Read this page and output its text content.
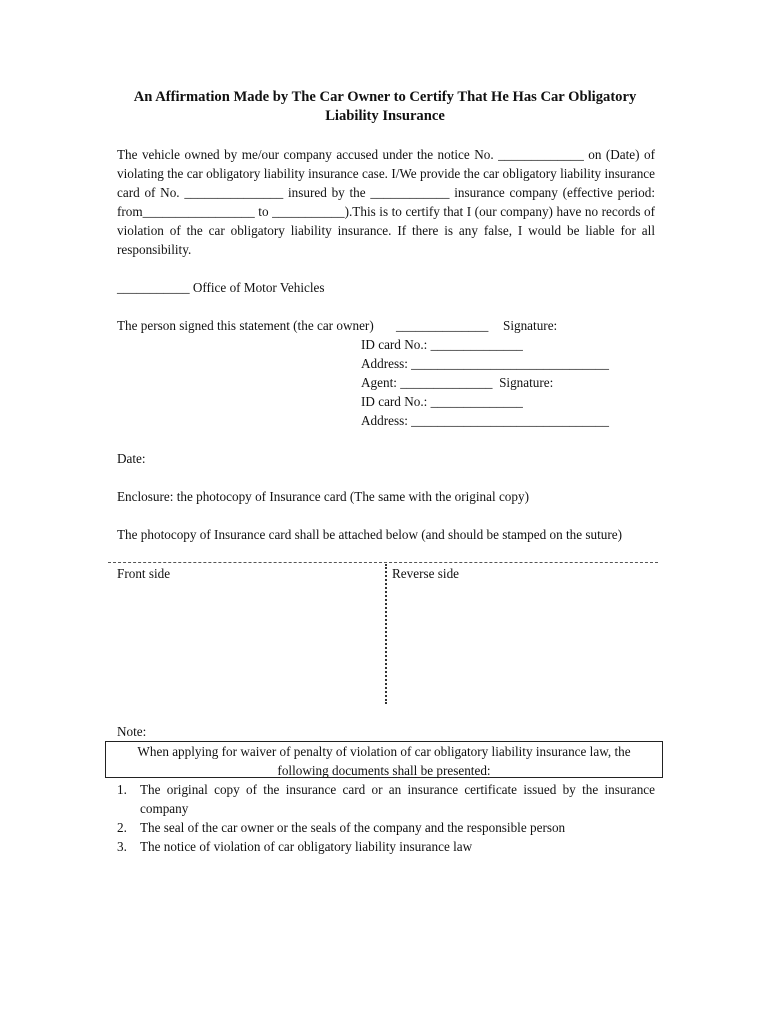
An Affirmation Made by The Car Owner to Certify That He Has Car Obligatory
Liability Insurance
The vehicle owned by me/our company accused under the notice No. _____________ on (Date) of violating the car obligatory liability insurance case. I/We provide the car obligatory liability insurance card of No. _______________ insured by the ____________ insurance company (effective period: from_________________ to ___________).This is to certify that I (our company) have no records of violation of the car obligatory liability insurance. If there is any false, I would be liable for all responsibility.
___________ Office of Motor Vehicles
The person signed this statement (the car owner) ______________ Signature:
ID card No.: ______________
Address: ______________________________
Agent: ______________  Signature:
ID card No.: ______________
Address: ______________________________
Date:
Enclosure: the photocopy of Insurance card (The same with the original copy)
The photocopy of Insurance card shall be attached below (and should be stamped on the suture)
Front side	Reverse side
Note:
When applying for waiver of penalty of violation of car obligatory liability insurance law, the
following documents shall be presented:
1. The original copy of the insurance card or an insurance certificate issued by the insurance company
2. The seal of the car owner or the seals of the company and the responsible person
3. The notice of violation of car obligatory liability insurance law
